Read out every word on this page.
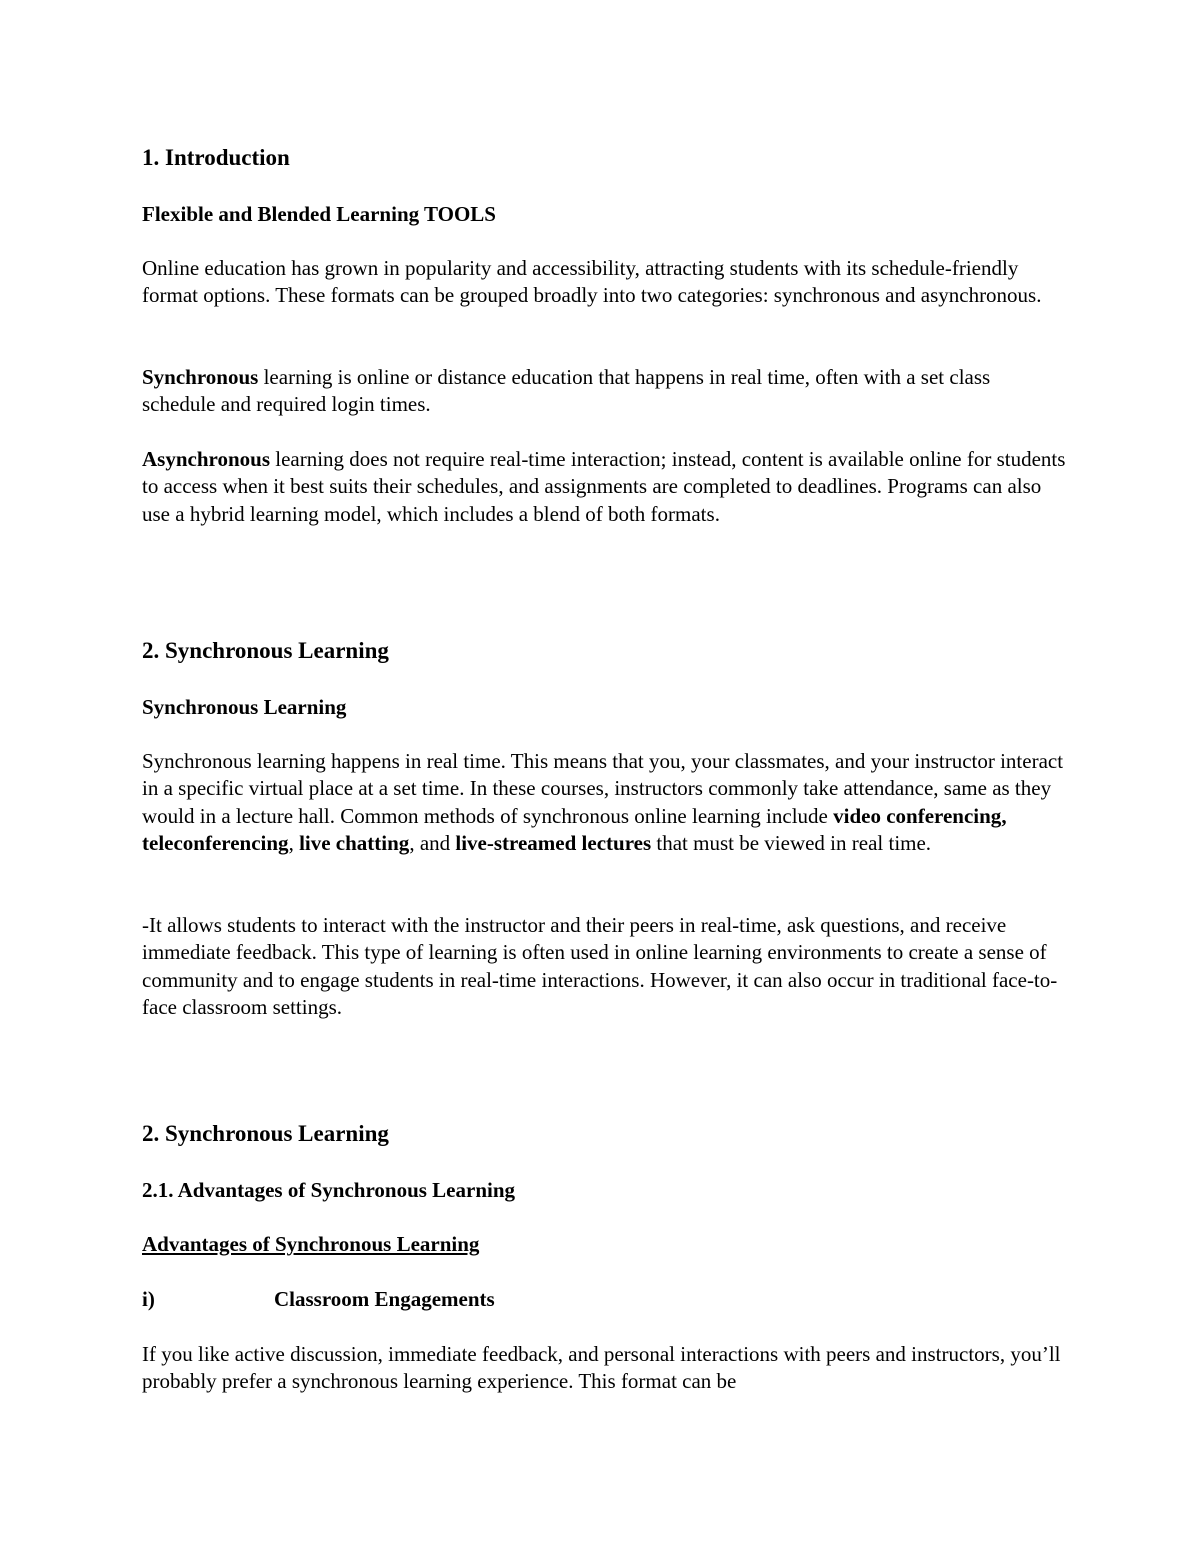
1. Introduction
Flexible and Blended Learning TOOLS

Online education has grown in popularity and accessibility, attracting students with its schedule-friendly format options. These formats can be grouped broadly into two categories: synchronous and asynchronous.

Synchronous learning is online or distance education that happens in real time, often with a set class schedule and required login times.

Asynchronous learning does not require real-time interaction; instead, content is available online for students to access when it best suits their schedules, and assignments are completed to deadlines. Programs can also use a hybrid learning model, which includes a blend of both formats.

2. Synchronous Learning
Synchronous Learning

Synchronous learning happens in real time. This means that you, your classmates, and your instructor interact in a specific virtual place at a set time. In these courses, instructors commonly take attendance, same as they would in a lecture hall. Common methods of synchronous online learning include video conferencing, teleconferencing, live chatting, and live-streamed lectures that must be viewed in real time.

-It allows students to interact with the instructor and their peers in real-time, ask questions, and receive immediate feedback. This type of learning is often used in online learning environments to create a sense of community and to engage students in real-time interactions. However, it can also occur in traditional face-to-face classroom settings.

2. Synchronous Learning
2.1. Advantages of Synchronous Learning
Advantages of Synchronous Learning
i)	Classroom Engagements

If you like active discussion, immediate feedback, and personal interactions with peers and instructors, you’ll probably prefer a synchronous learning experience. This format can be
